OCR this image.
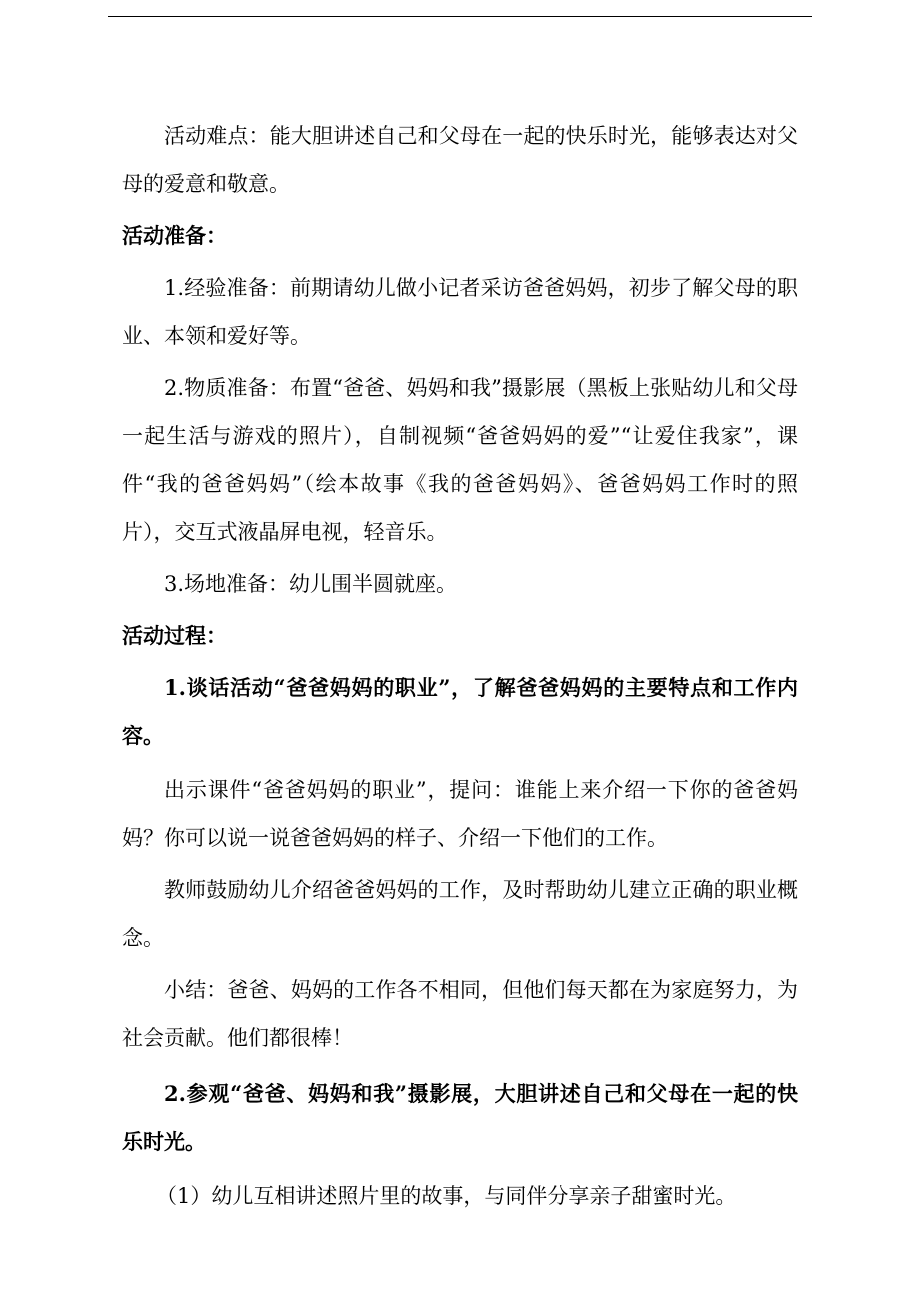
活动难点：能大胆讲述自己和父母在一起的快乐时光，能够表达对父母的爱意和敬意。

活动准备：

1.经验准备：前期请幼儿做小记者采访爸爸妈妈，初步了解父母的职业、本领和爱好等。

2.物质准备：布置“爸爸、妈妈和我”摄影展（黑板上张贴幼儿和父母一起生活与游戏的照片），自制视频“爸爸妈妈的爱”“让爱住我家”，课件“我的爸爸妈妈”（绘本故事《我的爸爸妈妈》、爸爸妈妈工作时的照片），交互式液晶屏电视，轻音乐。

3.场地准备：幼儿围半圆就座。

活动过程：

1.谈话活动“爸爸妈妈的职业”，了解爸爸妈妈的主要特点和工作内容。

出示课件“爸爸妈妈的职业”，提问：谁能上来介绍一下你的爸爸妈妈？你可以说一说爸爸妈妈的样子、介绍一下他们的工作。

教师鼓励幼儿介绍爸爸妈妈的工作，及时帮助幼儿建立正确的职业概念。

小结：爸爸、妈妈的工作各不相同，但他们每天都在为家庭努力，为社会贡献。他们都很棒！

2.参观“爸爸、妈妈和我”摄影展，大胆讲述自己和父母在一起的快乐时光。

（1）幼儿互相讲述照片里的故事，与同伴分享亲子甜蜜时光。
